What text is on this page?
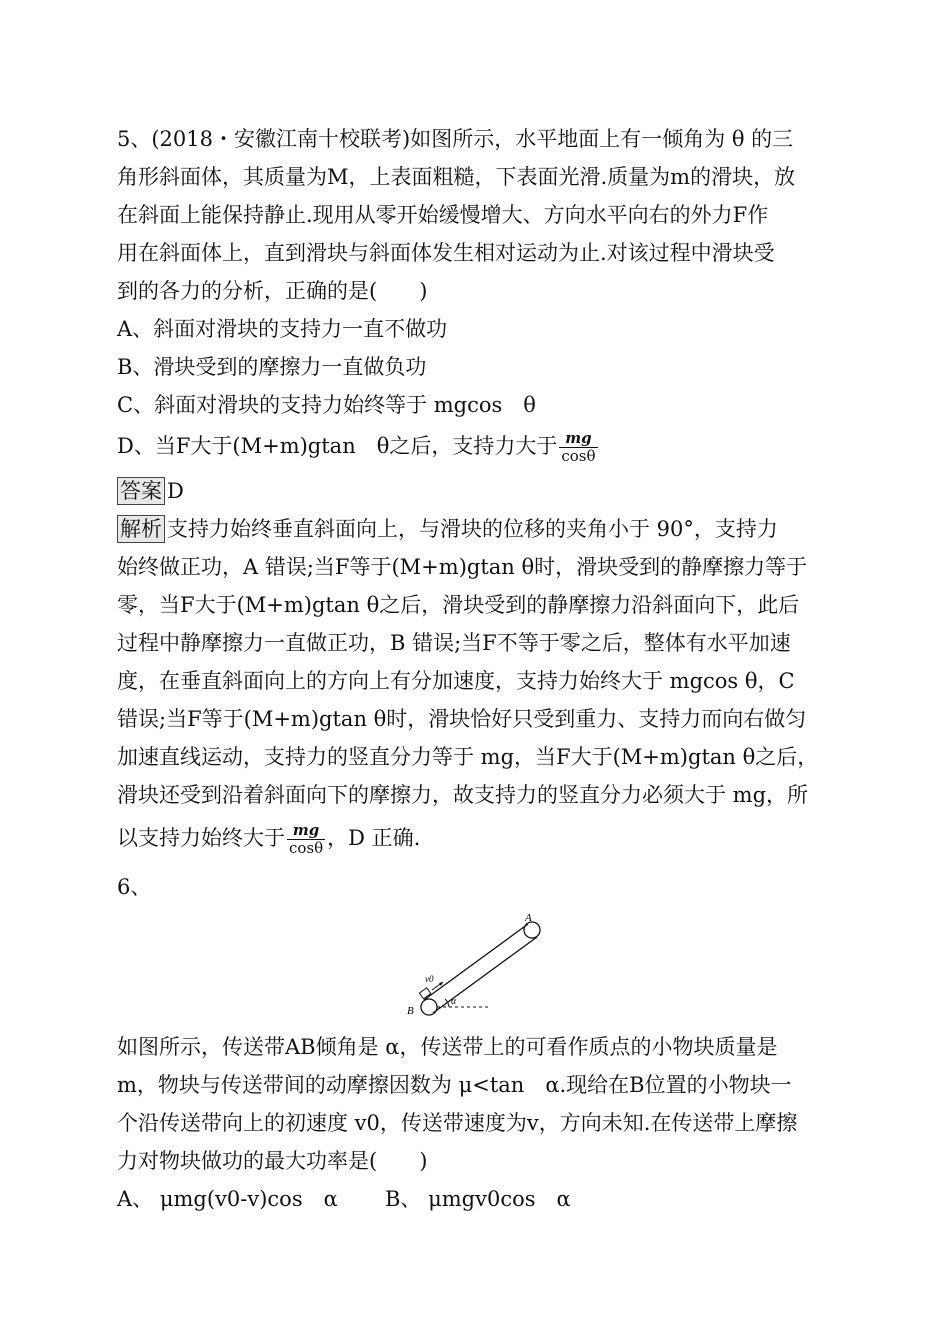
5、(2018・安徽江南十校联考)如图所示，水平地面上有一倾角为 θ 的三
角形斜面体，其质量为M，上表面粗糙，下表面光滑.质量为m的滑块，放
在斜面上能保持静止.现用从零开始缓慢增大、方向水平向右的外力F作
用在斜面体上，直到滑块与斜面体发生相对运动为止.对该过程中滑块受
到的各力的分析，正确的是(　　)
A、斜面对滑块的支持力一直不做功
B、滑块受到的摩擦力一直做负功
C、斜面对滑块的支持力始终等于 mgcos　θ
D、当F大于(M+m)gtan　θ之后，支持力大于 $\frac{mg}{\cos\theta}$
答案 D
解析 支持力始终垂直斜面向上，与滑块的位移的夹角小于 90°，支持力
始终做正功，A 错误;当F等于(M+m)gtan θ时，滑块受到的静摩擦力等于
零，当F大于(M+m)gtan θ之后，滑块受到的静摩擦力沿斜面向下，此后
过程中静摩擦力一直做正功，B 错误;当F不等于零之后，整体有水平加速
度，在垂直斜面向上的方向上有分加速度，支持力始终大于 mgcos θ，C
错误;当F等于(M+m)gtan θ时，滑块恰好只受到重力、支持力而向右做匀
加速直线运动，支持力的竖直分力等于 mg，当F大于(M+m)gtan θ之后，
滑块还受到沿着斜面向下的摩擦力，故支持力的竖直分力必须大于 mg，所
以支持力始终大于 $\frac{mg}{\cos\theta}$ ，D 正确.
6、
A
B
v0
α
如图所示，传送带AB倾角是 α，传送带上的可看作质点的小物块质量是
m，物块与传送带间的动摩擦因数为 μ<tan　α.现给在B位置的小物块一
个沿传送带向上的初速度 v0，传送带速度为v，方向未知.在传送带上摩擦
力对物块做功的最大功率是(　　)
A、 μmg(v0-v)cos　α	B、 μmgv0cos　α
